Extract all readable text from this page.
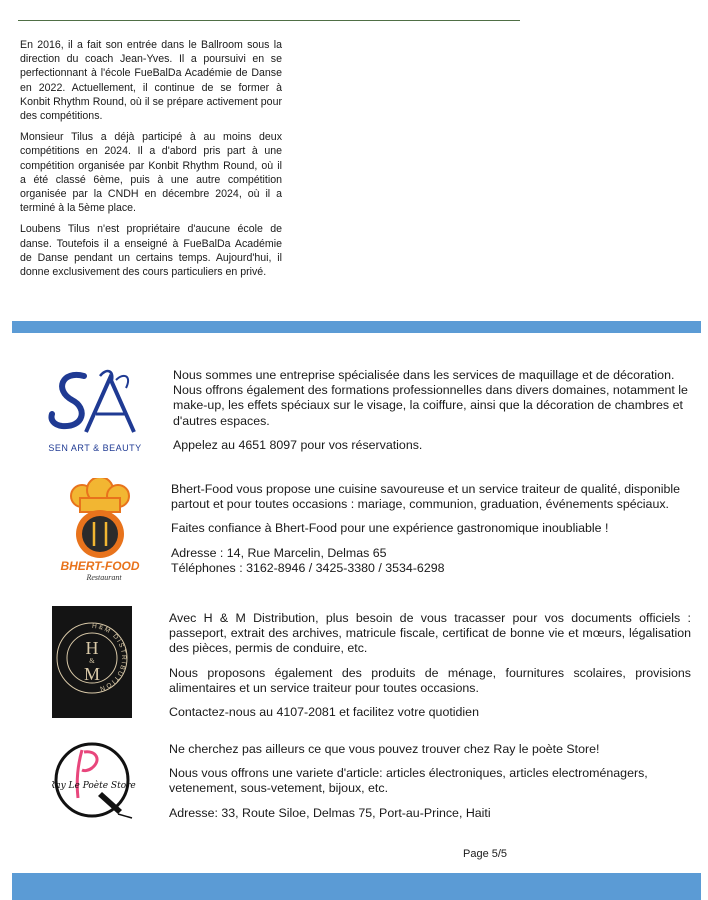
En 2016, il a fait son entrée dans le Ballroom sous la direction du coach Jean-Yves. Il a poursuivi en se perfectionnant à l'école FueBalDa Académie de Danse en 2022. Actuellement, il continue de se former à Konbit Rhythm Round, où il se prépare activement pour des compétitions.

Monsieur Tilus a déjà participé à au moins deux compétitions en 2024. Il a d'abord pris part à une compétition organisée par Konbit Rhythm Round, où il a été classé 6ème, puis à une autre compétition organisée par la CNDH en décembre 2024, où il a terminé à la 5ème place.

Loubens Tilus n'est propriétaire d'aucune école de danse. Toutefois il a enseigné à FueBalDa Académie de Danse pendant un certains temps. Aujourd'hui, il donne exclusivement des cours particuliers en privé.

SEN ART & BEAUTY

Nous sommes une entreprise spécialisée dans les services de maquillage et de décoration. Nous offrons également des formations professionnelles dans divers domaines, notamment le make-up, les effets spéciaux sur le visage, la coiffure, ainsi que la décoration de chambres et d'autres espaces.

Appelez au 4651 8097 pour vos réservations.

BHERT-FOOD
Restaurant

Bhert-Food vous propose une cuisine savoureuse et un service traiteur de qualité, disponible partout et pour toutes occasions : mariage, communion, graduation, événements spéciaux.

Faites confiance à Bhert-Food pour une expérience gastronomique inoubliable !

Adresse : 14, Rue Marcelin, Delmas 65

Téléphones : 3162-8946 / 3425-3380 / 3534-6298

H&M DISTRIBUTION
H
&
M

Avec H & M Distribution, plus besoin de vous tracasser pour vos documents officiels : passeport, extrait des archives, matricule fiscale, certificat de bonne vie et mœurs, légalisation des pièces, permis de conduire, etc.

Nous proposons également des produits de ménage, fournitures scolaires, provisions alimentaires et un service traiteur pour toutes occasions.

Contactez-nous au 4107-2081 et facilitez votre quotidien

Ray Le Poète Store

Ne cherchez pas ailleurs ce que vous pouvez trouver chez Ray le poète Store!

Nous vous offrons une variete d'article: articles électroniques, articles electroménagers, vetenement, sous-vetement, bijoux, etc.

Adresse: 33, Route Siloe, Delmas 75, Port-au-Prince, Haiti

Page 5/5
